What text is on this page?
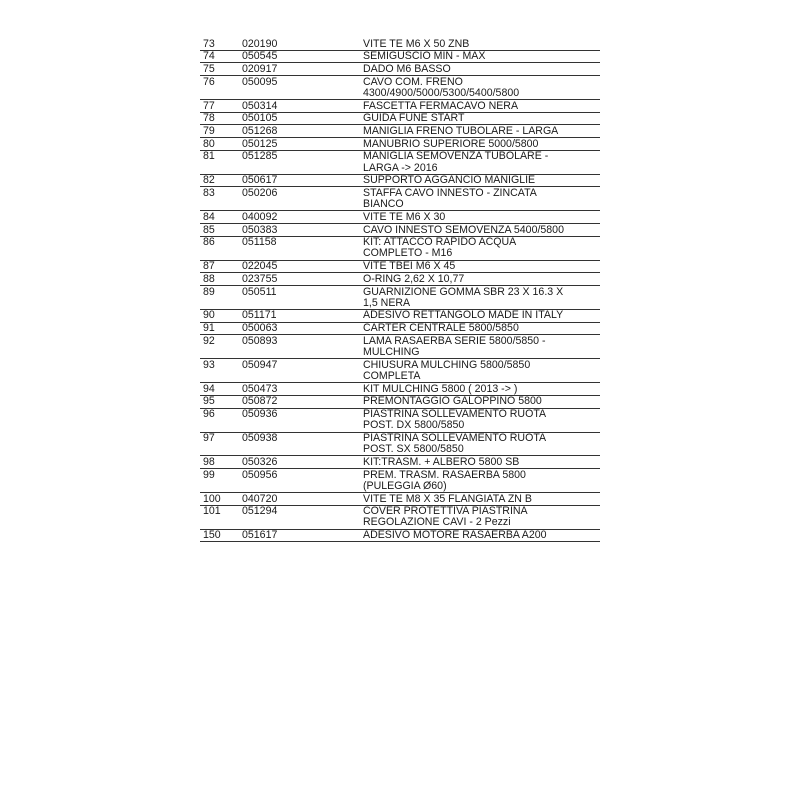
73	020190	VITE TE M6 X 50 ZNB
74	050545	SEMIGUSCIO MIN - MAX
75	020917	DADO M6 BASSO
76	050095	CAVO COM. FRENO
4300/4900/5000/5300/5400/5800
77	050314	FASCETTA FERMACAVO NERA
78	050105	GUIDA FUNE START
79	051268	MANIGLIA FRENO TUBOLARE - LARGA
80	050125	MANUBRIO SUPERIORE 5000/5800
81	051285	MANIGLIA SEMOVENZA TUBOLARE -
LARGA -> 2016
82	050617	SUPPORTO AGGANCIO MANIGLIE
83	050206	STAFFA CAVO INNESTO - ZINCATA
BIANCO
84	040092	VITE TE M6 X 30
85	050383	CAVO INNESTO SEMOVENZA 5400/5800
86	051158	KIT: ATTACCO RAPIDO ACQUA
COMPLETO - M16
87	022045	VITE TBEI M6 X 45
88	023755	O-RING 2,62 X 10,77
89	050511	GUARNIZIONE GOMMA SBR 23 X 16.3 X
1,5 NERA
90	051171	ADESIVO RETTANGOLO MADE IN ITALY
91	050063	CARTER CENTRALE 5800/5850
92	050893	LAMA RASAERBA SERIE 5800/5850 -
MULCHING
93	050947	CHIUSURA MULCHING 5800/5850
COMPLETA
94	050473	KIT MULCHING 5800 ( 2013 -> )
95	050872	PREMONTAGGIO GALOPPINO 5800
96	050936	PIASTRINA SOLLEVAMENTO RUOTA
POST. DX 5800/5850
97	050938	PIASTRINA SOLLEVAMENTO RUOTA
POST. SX 5800/5850
98	050326	KIT:TRASM. + ALBERO 5800 SB
99	050956	PREM. TRASM. RASAERBA 5800
(PULEGGIA Ø60)
100	040720	VITE TE M8 X 35 FLANGIATA ZN B
101	051294	COVER PROTETTIVA PIASTRINA
REGOLAZIONE CAVI - 2 Pezzi
150	051617	ADESIVO MOTORE RASAERBA A200
